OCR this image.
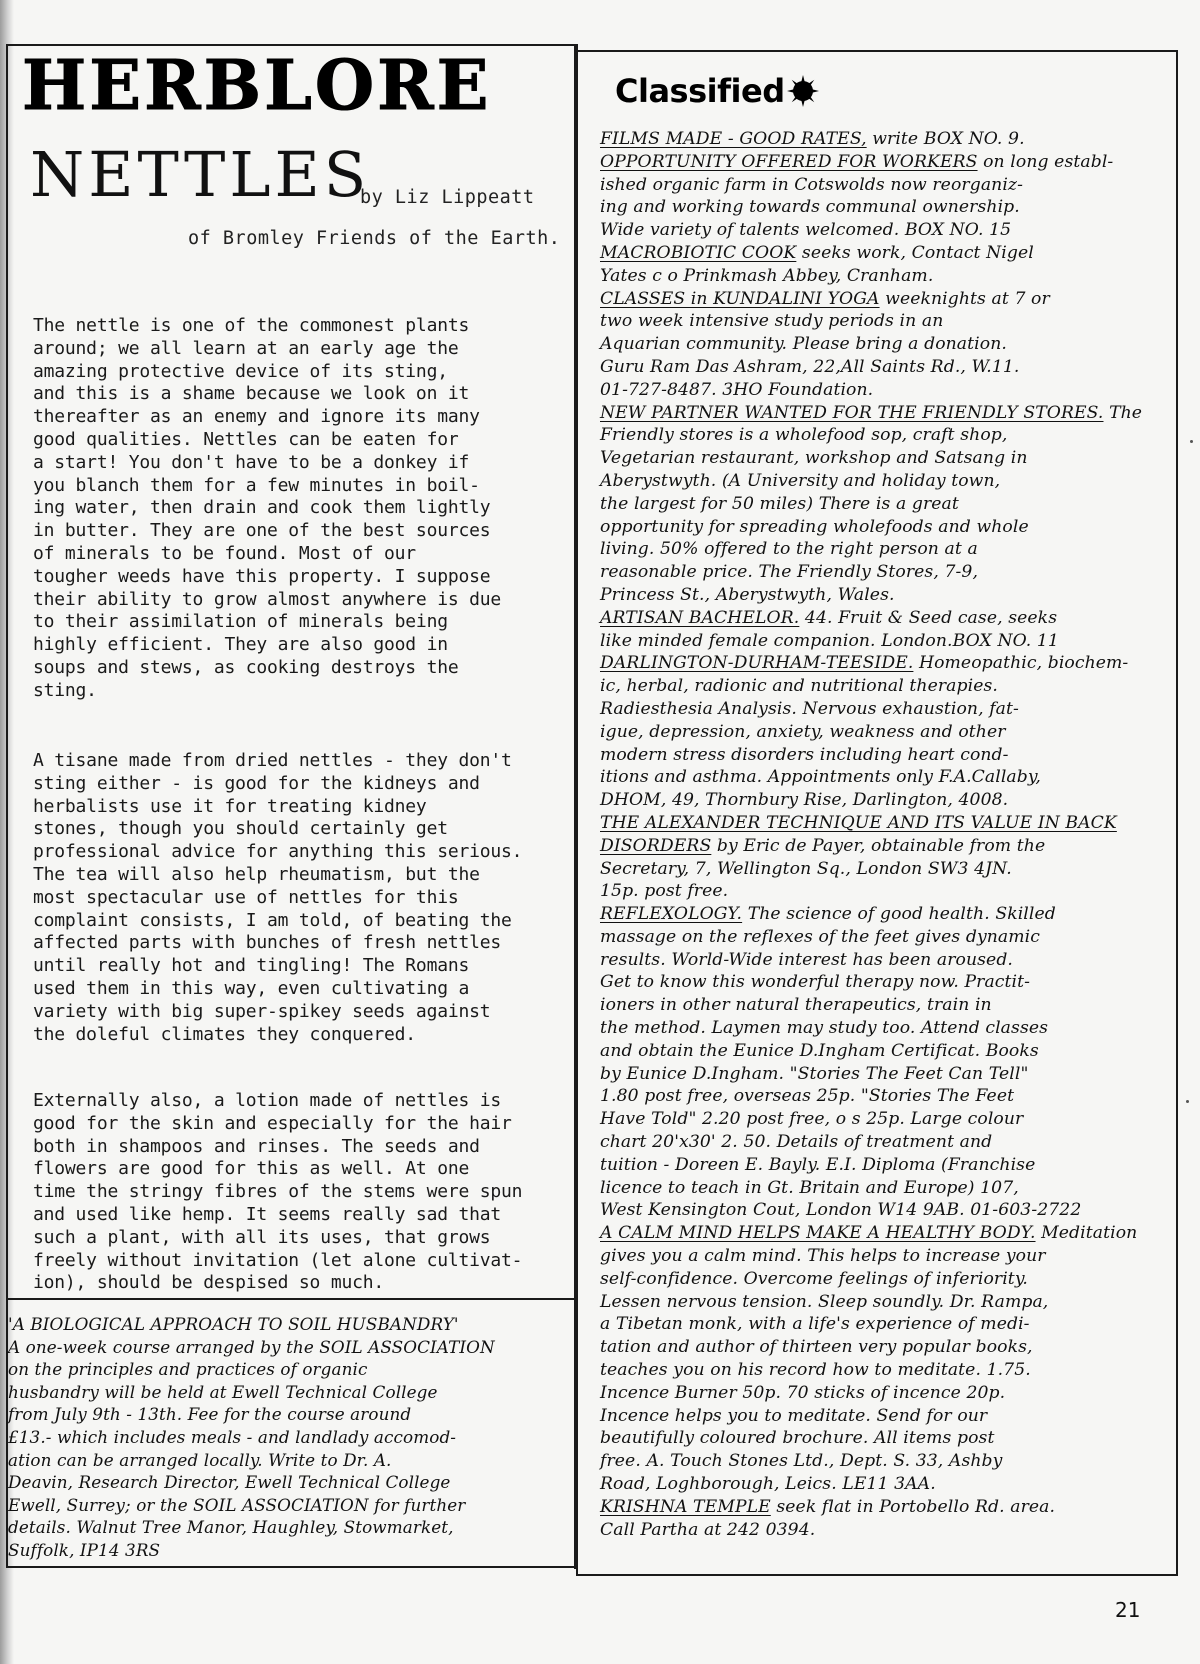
HERBLORE
NETTLES
by Liz Lippeatt
of Bromley Friends of the Earth.
The nettle is one of the commonest plants
around; we all learn at an early age the
amazing protective device of its sting,
and this is a shame because we look on it
thereafter as an enemy and ignore its many
good qualities. Nettles can be eaten for
a start! You don't have to be a donkey if
you blanch them for a few minutes in boil-
ing water, then drain and cook them lightly
in butter. They are one of the best sources
of minerals to be found. Most of our
tougher weeds have this property. I suppose
their ability to grow almost anywhere is due
to their assimilation of minerals being
highly efficient. They are also good in
soups and stews, as cooking destroys the
sting.
A tisane made from dried nettles - they don't
sting either - is good for the kidneys and
herbalists use it for treating kidney
stones, though you should certainly get
professional advice for anything this serious.
The tea will also help rheumatism, but the
most spectacular use of nettles for this
complaint consists, I am told, of beating the
affected parts with bunches of fresh nettles
until really hot and tingling! The Romans
used them in this way, even cultivating a
variety with big super-spikey seeds against
the doleful climates they conquered.
Externally also, a lotion made of nettles is
good for the skin and especially for the hair
both in shampoos and rinses. The seeds and
flowers are good for this as well. At one
time the stringy fibres of the stems were spun
and used like hemp. It seems really sad that
such a plant, with all its uses, that grows
freely without invitation (let alone cultivat-
ion), should be despised so much.
'A BIOLOGICAL APPROACH TO SOIL HUSBANDRY'
A one-week course arranged by the SOIL ASSOCIATION
on the principles and practices of organic
husbandry will be held at Ewell Technical College
from July 9th - 13th. Fee for the course around
£13.- which includes meals - and landlady accomod-
ation can be arranged locally. Write to Dr. A.
Deavin, Research Director, Ewell Technical College
Ewell, Surrey; or the SOIL ASSOCIATION for further
details. Walnut Tree Manor, Haughley, Stowmarket,
Suffolk, IP14 3RS
Classified
FILMS MADE - GOOD RATES, write BOX NO. 9.
OPPORTUNITY OFFERED FOR WORKERS on long establ-
ished organic farm in Cotswolds now reorganiz-
ing and working towards communal ownership.
Wide variety of talents welcomed. BOX NO. 15
MACROBIOTIC COOK seeks work, Contact Nigel
Yates c o Prinkmash Abbey, Cranham.
CLASSES in KUNDALINI YOGA weeknights at 7 or
two week intensive study periods in an
Aquarian community. Please bring a donation.
Guru Ram Das Ashram, 22,All Saints Rd., W.11.
01-727-8487. 3HO Foundation.
NEW PARTNER WANTED FOR THE FRIENDLY STORES. The
Friendly stores is a wholefood sop, craft shop,
Vegetarian restaurant, workshop and Satsang in
Aberystwyth. (A University and holiday town,
the largest for 50 miles) There is a great
opportunity for spreading wholefoods and whole
living. 50% offered to the right person at a
reasonable price. The Friendly Stores, 7-9,
Princess St., Aberystwyth, Wales.
ARTISAN BACHELOR. 44. Fruit & Seed case, seeks
like minded female companion. London.BOX NO. 11
DARLINGTON-DURHAM-TEESIDE. Homeopathic, biochem-
ic, herbal, radionic and nutritional therapies.
Radiesthesia Analysis. Nervous exhaustion, fat-
igue, depression, anxiety, weakness and other
modern stress disorders including heart cond-
itions and asthma. Appointments only F.A.Callaby,
DHOM, 49, Thornbury Rise, Darlington, 4008.
THE ALEXANDER TECHNIQUE AND ITS VALUE IN BACK
DISORDERS by Eric de Payer, obtainable from the
Secretary, 7, Wellington Sq., London SW3 4JN.
15p. post free.
REFLEXOLOGY. The science of good health. Skilled
massage on the reflexes of the feet gives dynamic
results. World-Wide interest has been aroused.
Get to know this wonderful therapy now. Practit-
ioners in other natural therapeutics, train in
the method. Laymen may study too. Attend classes
and obtain the Eunice D.Ingham Certificat. Books
by Eunice D.Ingham. "Stories The Feet Can Tell"
1.80 post free, overseas 25p. "Stories The Feet
Have Told" 2.20 post free, o s 25p. Large colour
chart 20'x30' 2. 50. Details of treatment and
tuition - Doreen E. Bayly. E.I. Diploma (Franchise
licence to teach in Gt. Britain and Europe) 107,
West Kensington Cout, London W14 9AB. 01-603-2722
A CALM MIND HELPS MAKE A HEALTHY BODY. Meditation
gives you a calm mind. This helps to increase your
self-confidence. Overcome feelings of inferiority.
Lessen nervous tension. Sleep soundly. Dr. Rampa,
a Tibetan monk, with a life's experience of medi-
tation and author of thirteen very popular books,
teaches you on his record how to meditate. 1.75.
Incence Burner 50p. 70 sticks of incence 20p.
Incence helps you to meditate. Send for our
beautifully coloured brochure. All items post
free. A. Touch Stones Ltd., Dept. S. 33, Ashby
Road, Loghborough, Leics. LE11 3AA.
KRISHNA TEMPLE seek flat in Portobello Rd. area.
Call Partha at 242 0394.
21
